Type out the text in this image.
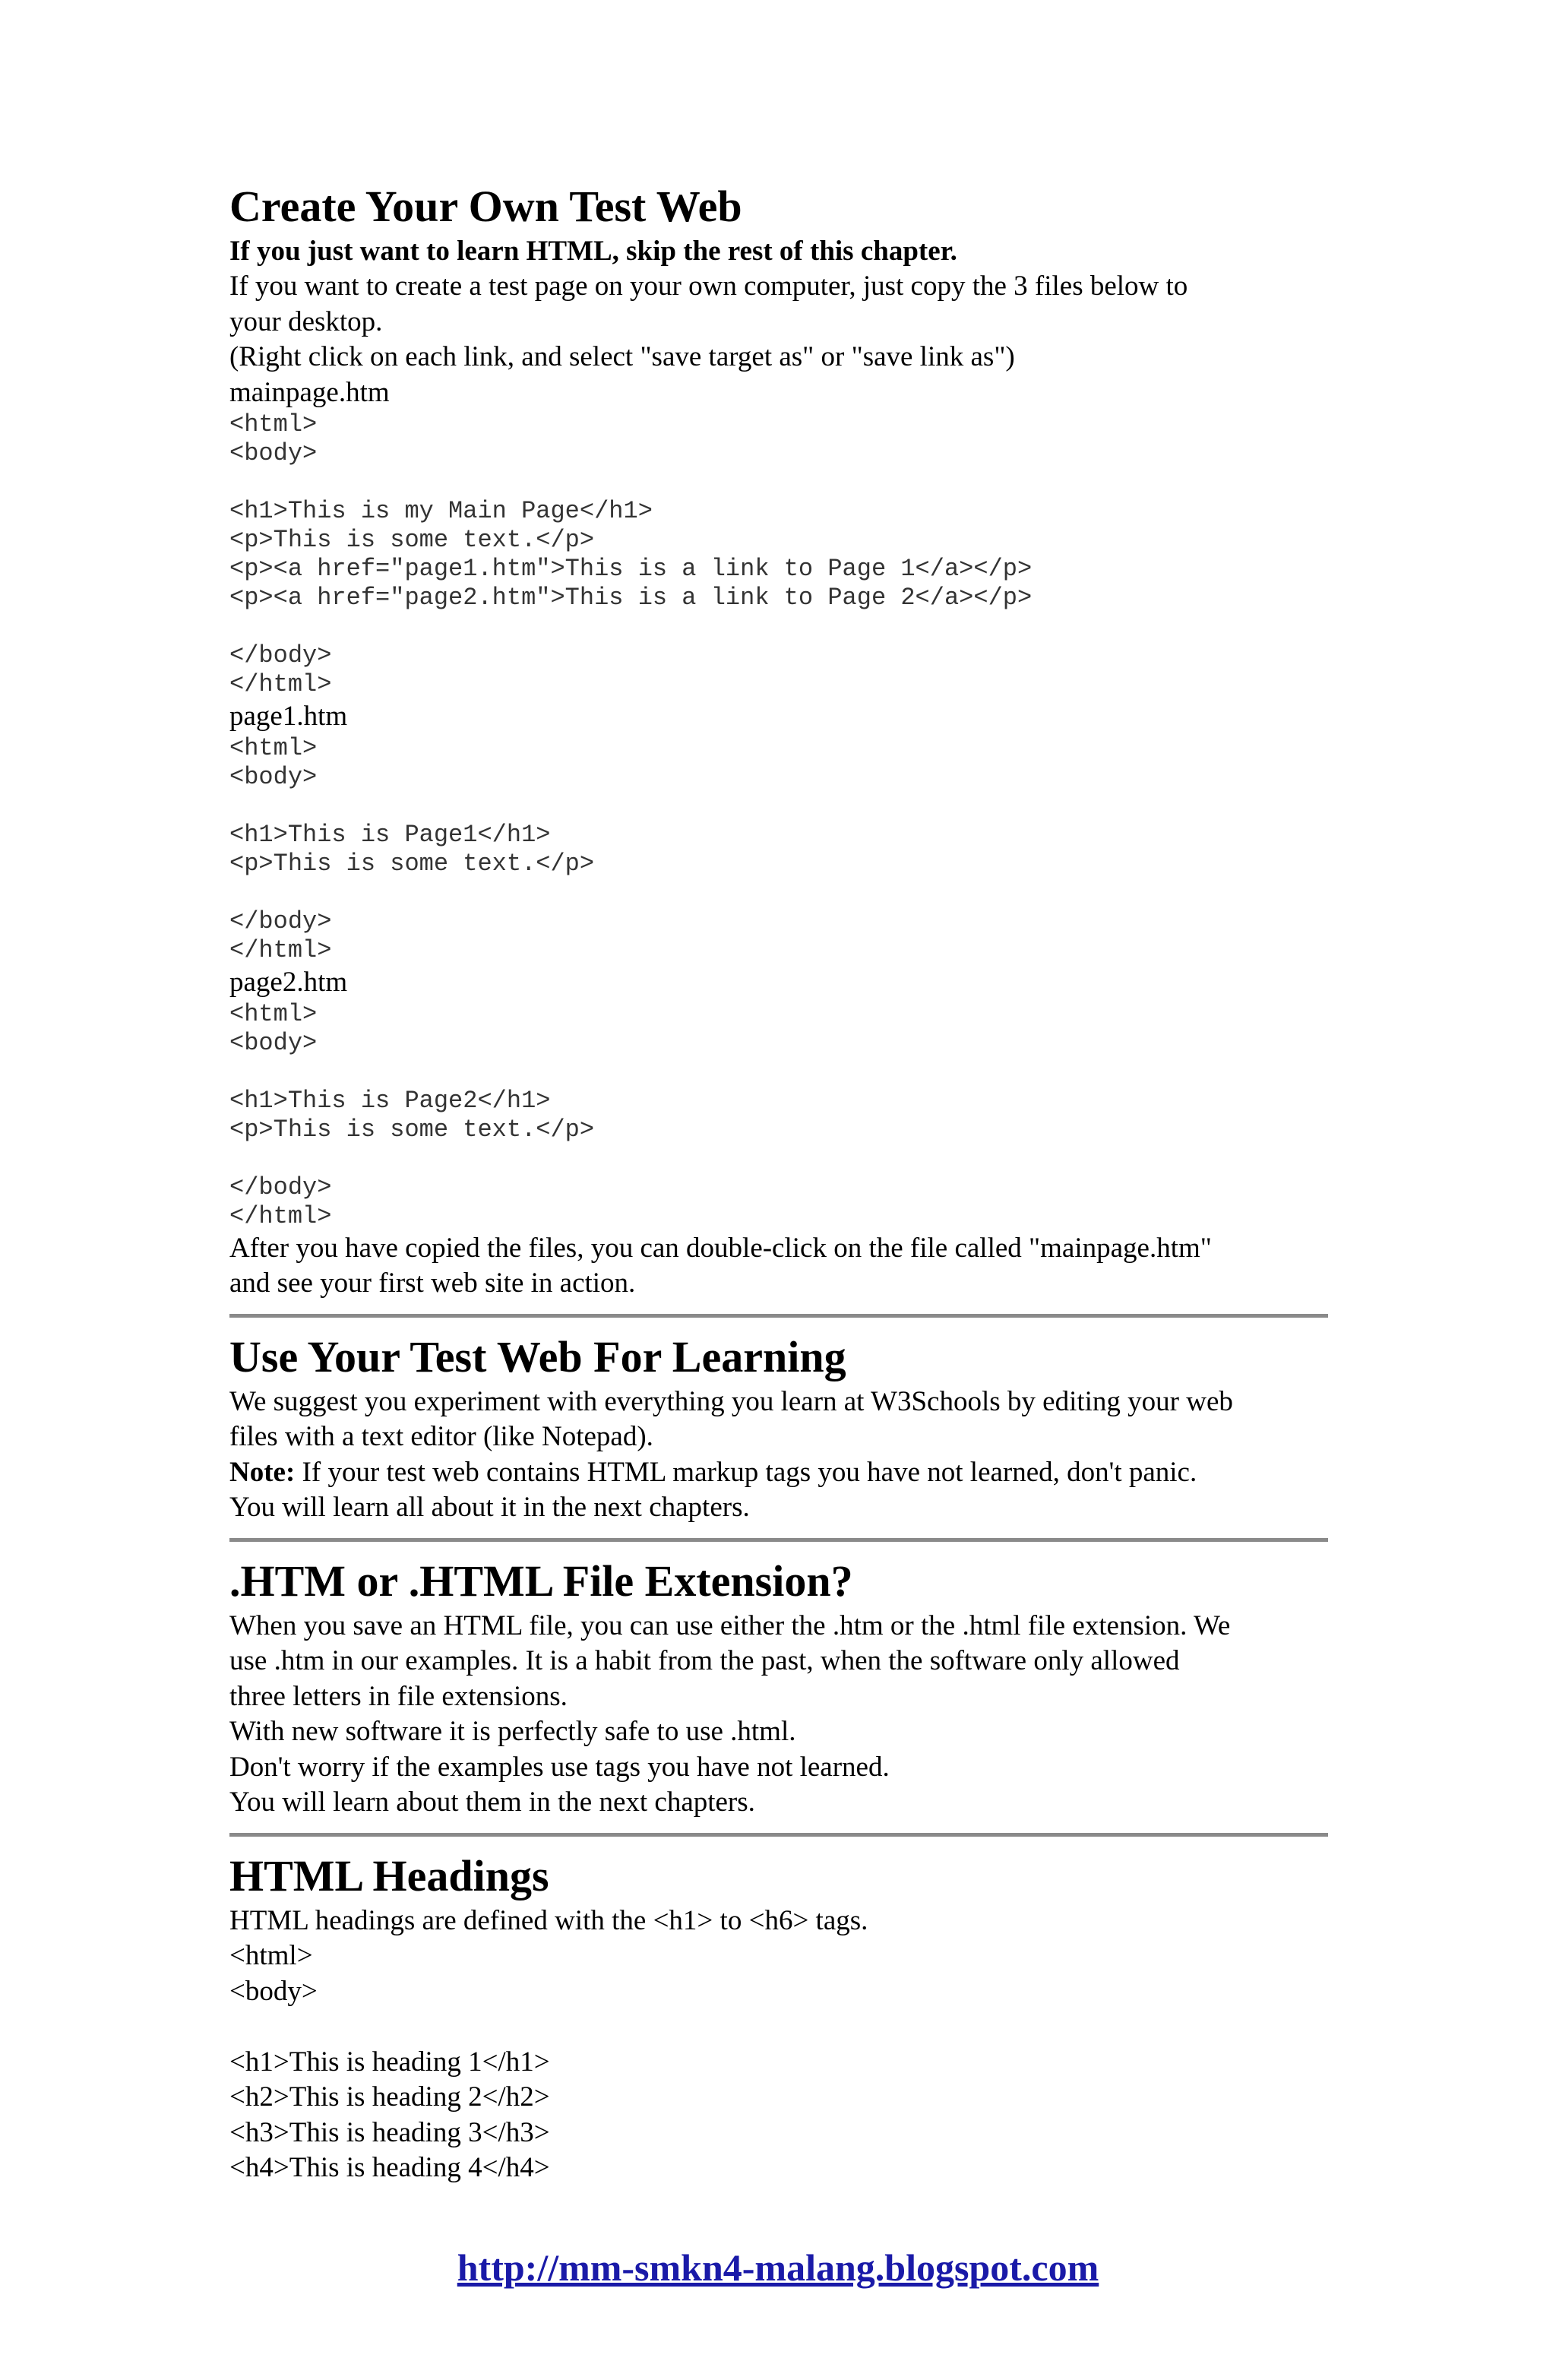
Create Your Own Test Web
If you just want to learn HTML, skip the rest of this chapter.
If you want to create a test page on your own computer, just copy the 3 files below to
your desktop.
(Right click on each link, and select "save target as" or "save link as")
mainpage.htm
<html>
<body>

<h1>This is my Main Page</h1>
<p>This is some text.</p>
<p><a href="page1.htm">This is a link to Page 1</a></p>
<p><a href="page2.htm">This is a link to Page 2</a></p>

</body>
</html>
page1.htm
<html>
<body>

<h1>This is Page1</h1>
<p>This is some text.</p>

</body>
</html>
page2.htm
<html>
<body>

<h1>This is Page2</h1>
<p>This is some text.</p>

</body>
</html>
After you have copied the files, you can double-click on the file called "mainpage.htm"
and see your first web site in action.
Use Your Test Web For Learning
We suggest you experiment with everything you learn at W3Schools by editing your web
files with a text editor (like Notepad).
Note: If your test web contains HTML markup tags you have not learned, don't panic.
You will learn all about it in the next chapters.
.HTM or .HTML File Extension?
When you save an HTML file, you can use either the .htm or the .html file extension. We
use .htm in our examples. It is a habit from the past, when the software only allowed
three letters in file extensions.
With new software it is perfectly safe to use .html.
Don't worry if the examples use tags you have not learned.
You will learn about them in the next chapters.
HTML Headings
HTML headings are defined with the <h1> to <h6> tags.
<html>
<body>

<h1>This is heading 1</h1>
<h2>This is heading 2</h2>
<h3>This is heading 3</h3>
<h4>This is heading 4</h4>
http://mm-smkn4-malang.blogspot.com
